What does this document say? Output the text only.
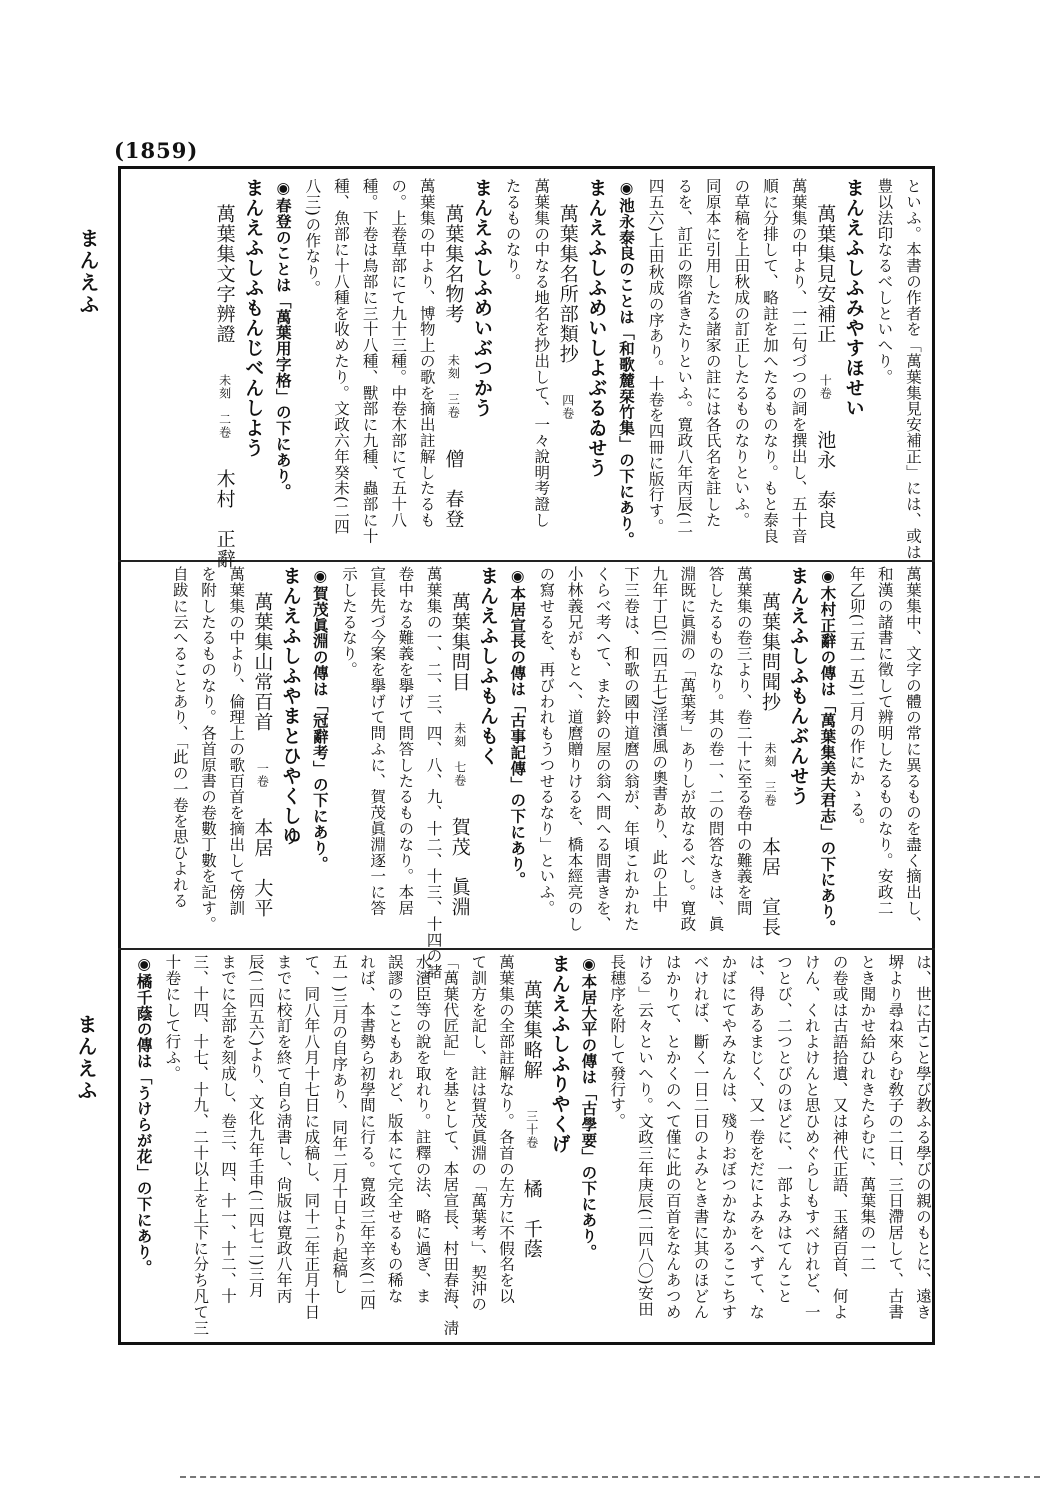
(1859)
まんえふ
まんえふ
といふ。本書の作者を「萬葉集見安補正」には、或は
豊以法印なるべしといへり。
まんえふしふみやすほせい
萬葉集見安補正十卷池永　泰良
萬葉集の中より、一二句づつの詞を撰出し、五十音
順に分排して、略註を加へたるものなり。もと泰良
の草稿を上田秋成の訂正したるものなりといふ。
同原本に引用したる諸家の註には各氏名を註した
るを、訂正の際省きたりといふ。寛政八年丙辰(二
四五六)上田秋成の序あり。十卷を四冊に版行す。
◉池永泰良のことは「和歌麓栞竹集」の下にあり。
まんえふしふめいしよぶるゐせう
萬葉集名所部類抄四卷
萬葉集の中なる地名を抄出して、一々說明考證し
たるものなり。
まんえふしふめいぶつかう
萬葉集名物考未刻　三卷僧　春登
萬葉集の中より、博物上の歌を摘出註解したるも
の。上卷草部にて九十三種。中卷木部にて五十八
種。下卷は鳥部に三十八種、獸部に九種、蟲部に十
種、魚部に十八種を收めたり。文政六年癸未(二四
八三)の作なり。
◉春登のことは「萬葉用字格」の下にあり。
まんえふしふもんじべんしよう
萬葉集文字辨證未刻　二卷木村　正辭
萬葉集中、文字の體の常に異るものを盡く摘出し、
和漢の諸書に徵して辨明したるものなり。安政二
年乙卯(二五一五)二月の作にかゝる。
◉木村正辭の傳は「萬葉集美夫君志」の下にあり。
まんえふしふもんぶんせう
萬葉集問聞抄未刻　三卷本居　宣長
萬葉集の卷三より、卷二十に至る卷中の難義を問
答したるものなり。其の卷一、二の問答なきは、眞
淵既に眞淵の「萬葉考」ありしが故なるべし。寛政
九年丁巳(二四五七)淫濱風の奧書あり、此の上中
下三卷は、和歌の國中道麿の翁が、年頃これかれた
くらべ考へて、また鈴の屋の翁へ問へる問書きを、
小林義兄がもとへ、道麿贈りけるを、橋本經亮のし
の寫せるを、再びわれもうつせるなり」といふ。
◉本居宣長の傳は「古事記傳」の下にあり。
まんえふしふもんもく
萬葉集問目未刻　七卷賀茂　眞淵
萬葉集の一、二、三、四、八、九、十二、十三、十四の諸
卷中なる難義を擧げて問答したるものなり。本居
宣長先づ今案を擧げて問ふに、賀茂眞淵逐一に答
示したるなり。
◉賀茂眞淵の傳は「冠辭考」の下にあり。
まんえふしふやまとひやくしゆ
萬葉集山常百首一卷本居　大平
萬葉集の中より、倫理上の歌百首を摘出して傍訓
を附したるものなり。各首原書の卷數丁數を記す。
自跋に云へることあり、「此の一卷を思ひよれる
は、世に古こと學び教ふる學びの親のもとに、遠き
堺より尋ね來らむ敎子の二日、三日滯居して、古書
とき聞かせ給ひれきたらむに、萬葉集の一二
の卷或は古語拾遺、又は神代正語、玉緒百首、何よ
けん、くれよけんと思ひめぐらしもすべけれど、一
つとび、二つとびのほどに、一部よみはてんこと
は、得あるまじく、又一卷をだによみをへずて、な
かばにてやみなんは、殘りおぼつかなかるここちす
べければ、斷く一日二日のよみとき書に其のほどん
はかりて、とかくのへて僅に此の百首をなんあつめ
ける」云々といへり。文政三年庚辰(二四八〇)安田
長穗序を附して發行す。
◉本居大平の傳は「古學要」の下にあり。
まんえふしふりやくげ
萬葉集略解三十卷橘　千蔭
萬葉集の全部註解なり。各首の左方に不假名を以
て訓方を記し、註は賀茂眞淵の「萬葉考」、契沖の
「萬葉代匠記」を基として、本居宣長、村田春海、淸
水濱臣等の說を取れり。註釋の法、略に過ぎ、ま
誤謬のこともあれど、版本にて完全せるもの稀な
れば、本書勢ら初學間に行る。寛政三年辛亥(二四
五一)三月の自序あり、同年二月十日より起稿し
て、同八年八月十七日に成稿し、同十二年正月十日
までに校訂を終て自ら淸書し、尙版は寛政八年丙
辰(二四五六)より、文化九年壬申(二四七二)三月
までに全部を刻成し、卷三、四、十一、十二、十
三、十四、十七、十九、二十以上を上下に分ち凡て三
十卷にして行ふ。
◉橘千蔭の傳は「うけらが花」の下にあり。
